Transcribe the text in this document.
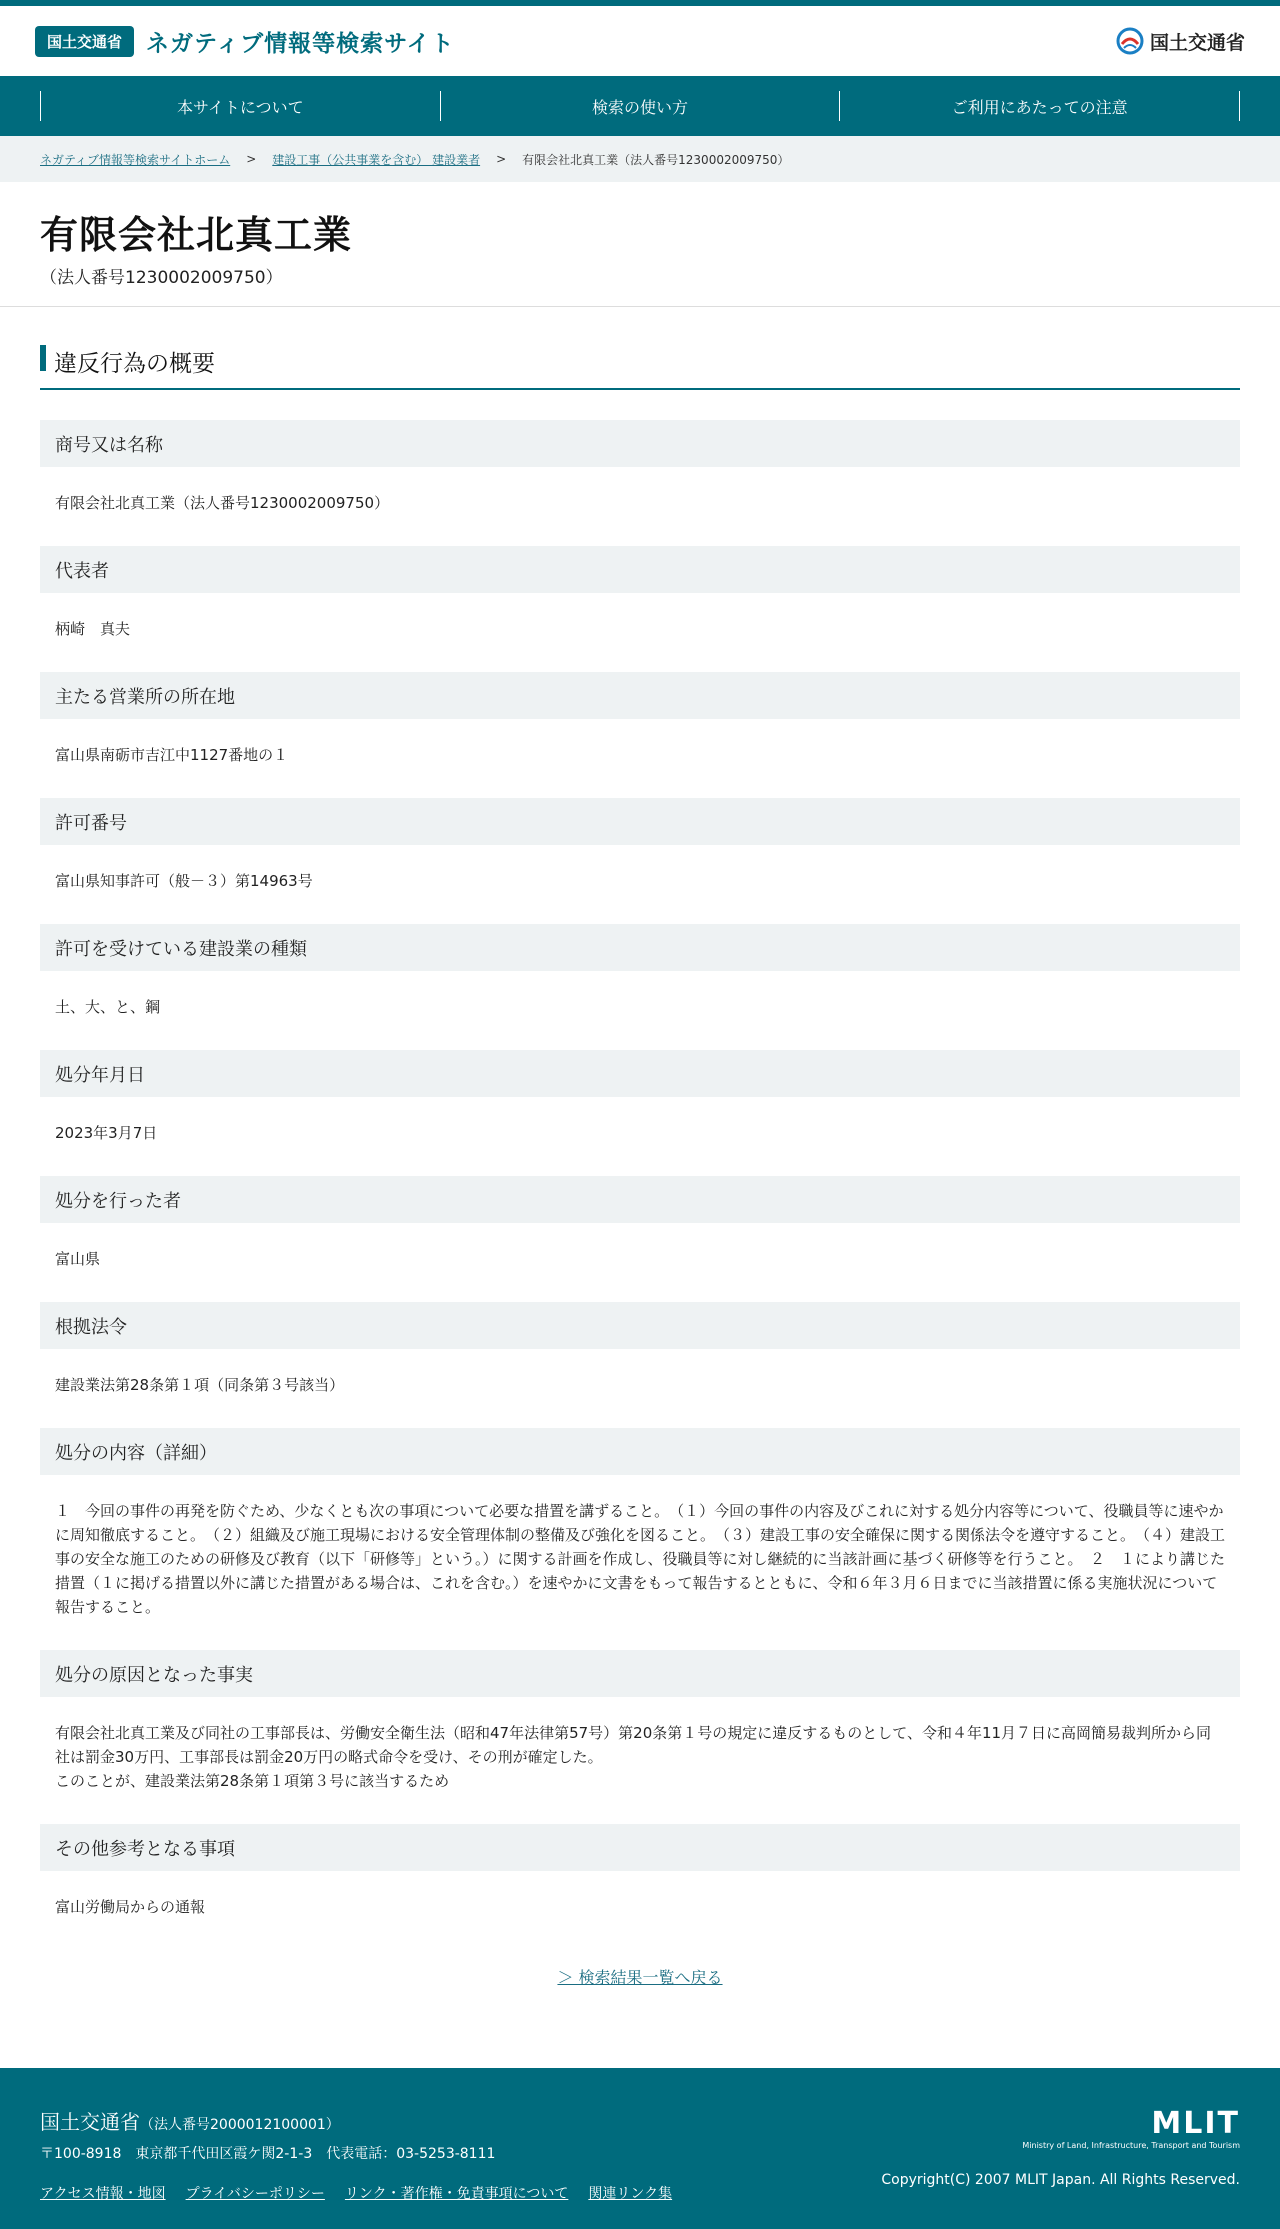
国土交通省	ネガティブ情報等検索サイト	国土交通省
本サイトについて	検索の使い方	ご利用にあたっての注意
ネガティブ情報等検索サイトホーム > 建設工事（公共事業を含む） 建設業者 > 有限会社北真工業（法人番号1230002009750）
有限会社北真工業

（法人番号1230002009750）

違反行為の概要
商号又は名称
有限会社北真工業（法人番号1230002009750）
代表者
柄崎　真夫
主たる営業所の所在地
富山県南砺市吉江中1127番地の１
許可番号
富山県知事許可（般－３）第14963号
許可を受けている建設業の種類
土、大、と、鋼
処分年月日
2023年3月7日
処分を行った者
富山県
根拠法令
建設業法第28条第１項（同条第３号該当）
処分の内容（詳細）
１　今回の事件の再発を防ぐため、少なくとも次の事項について必要な措置を講ずること。　（１）今回の事件の内容及びこれに対する処分内容等について、役職員等に速やかに周知徹底すること。　（２）組織及び施工現場における安全管理体制の整備及び強化を図ること。　（３）建設工事の安全確保に関する関係法令を遵守すること。　（４）建設工事の安全な施工のための研修及び教育（以下「研修等」という。）に関する計画を作成し、役職員等に対し継続的に当該計画に基づく研修等を行うこと。　２　１により講じた措置（１に掲げる措置以外に講じた措置がある場合は、これを含む。）を速やかに文書をもって報告するとともに、令和６年３月６日までに当該措置に係る実施状況について報告すること。
処分の原因となった事実
有限会社北真工業及び同社の工事部長は、労働安全衛生法（昭和47年法律第57号）第20条第１号の規定に違反するものとして、令和４年11月７日に高岡簡易裁判所から同社は罰金30万円、工事部長は罰金20万円の略式命令を受け、その刑が確定した。
このことが、建設業法第28条第１項第３号に該当するため
その他参考となる事項
富山労働局からの通報
＞ 検索結果一覧へ戻る
国土交通省（法人番号2000012100001）
〒100-8918　東京都千代田区霞ケ関2-1-3　代表電話：03-5253-8111
アクセス情報・地図 プライバシーポリシー リンク・著作権・免責事項について 関連リンク集
MLIT
Ministry of Land, Infrastructure, Transport and Tourism
Copyright(C) 2007 MLIT Japan. All Rights Reserved.
